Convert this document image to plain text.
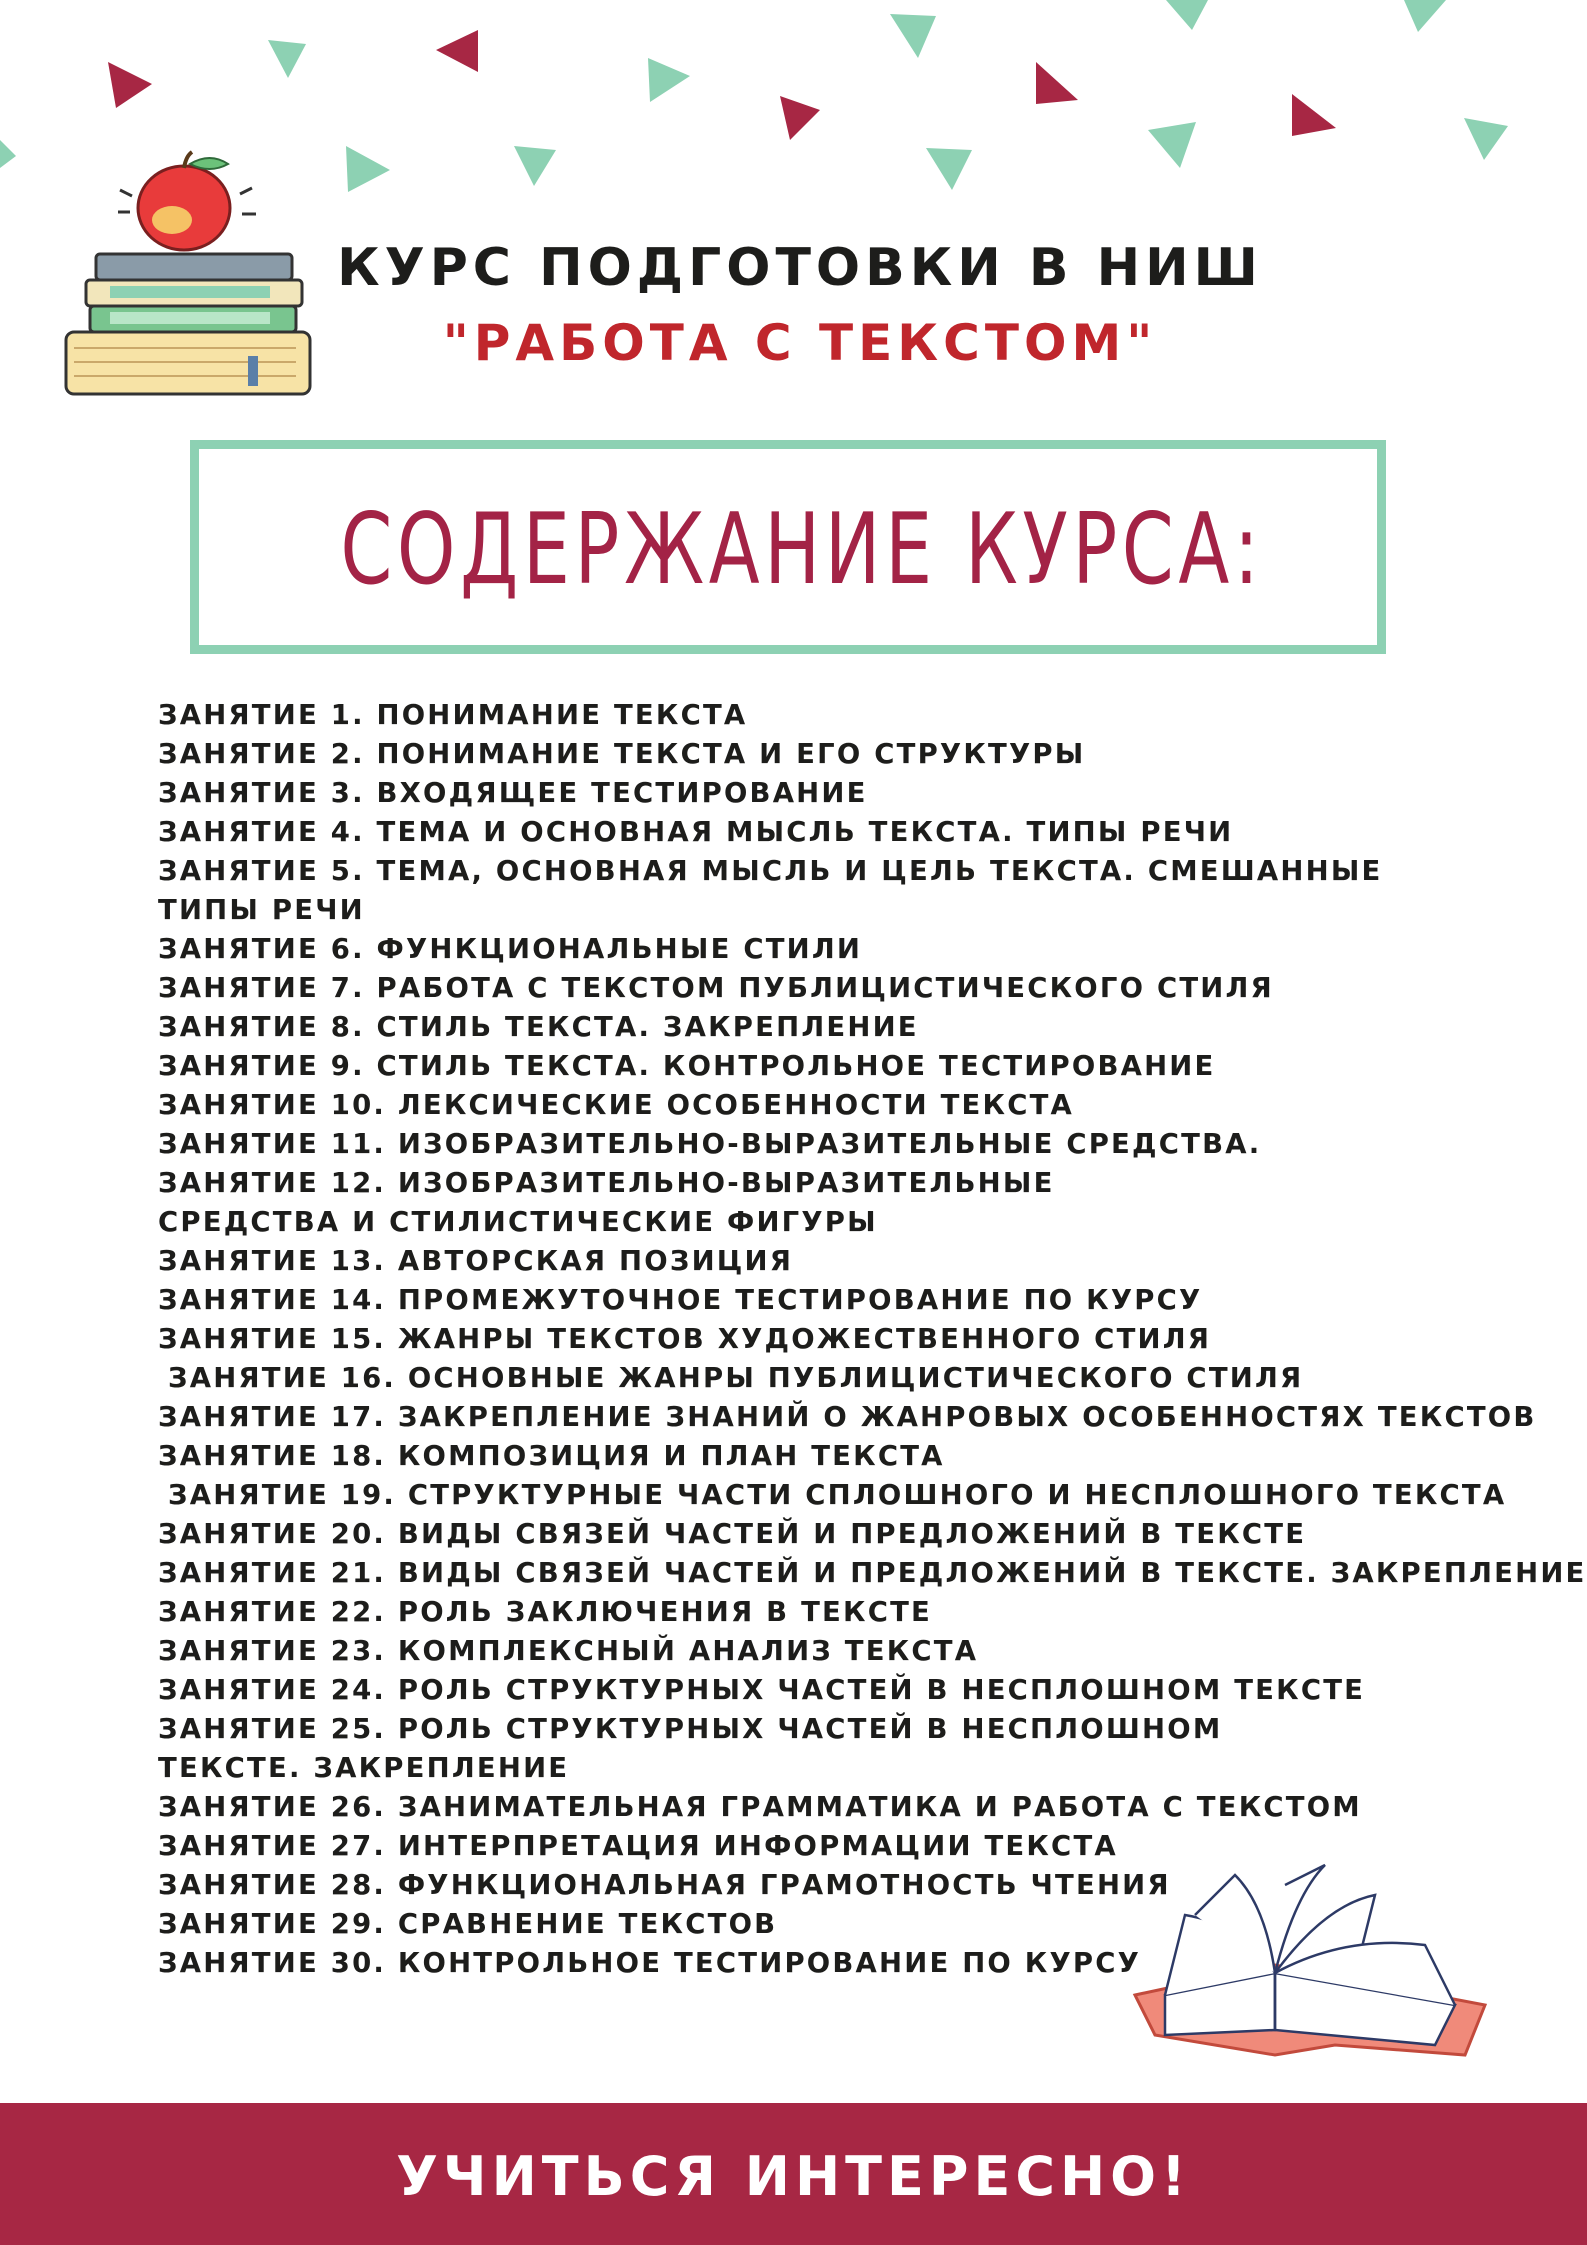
КУРС ПОДГОТОВКИ В НИШ
"РАБОТА С ТЕКСТОМ"
СОДЕРЖАНИЕ КУРСА:
ЗАНЯТИЕ 1. ПОНИМАНИЕ ТЕКСТА
ЗАНЯТИЕ 2. ПОНИМАНИЕ ТЕКСТА И ЕГО СТРУКТУРЫ
ЗАНЯТИЕ 3. ВХОДЯЩЕЕ ТЕСТИРОВАНИЕ
ЗАНЯТИЕ 4. ТЕМА И ОСНОВНАЯ МЫСЛЬ ТЕКСТА. ТИПЫ РЕЧИ
ЗАНЯТИЕ 5. ТЕМА, ОСНОВНАЯ МЫСЛЬ И ЦЕЛЬ ТЕКСТА. СМЕШАННЫЕ ТИПЫ РЕЧИ
ЗАНЯТИЕ 6. ФУНКЦИОНАЛЬНЫЕ СТИЛИ
ЗАНЯТИЕ 7. РАБОТА С ТЕКСТОМ ПУБЛИЦИСТИЧЕСКОГО СТИЛЯ
ЗАНЯТИЕ 8. СТИЛЬ ТЕКСТА. ЗАКРЕПЛЕНИЕ
ЗАНЯТИЕ 9. СТИЛЬ ТЕКСТА. КОНТРОЛЬНОЕ ТЕСТИРОВАНИЕ
ЗАНЯТИЕ 10. ЛЕКСИЧЕСКИЕ ОСОБЕННОСТИ ТЕКСТА
ЗАНЯТИЕ 11. ИЗОБРАЗИТЕЛЬНО-ВЫРАЗИТЕЛЬНЫЕ СРЕДСТВА.
ЗАНЯТИЕ 12. ИЗОБРАЗИТЕЛЬНО-ВЫРАЗИТЕЛЬНЫЕ СРЕДСТВА И СТИЛИСТИЧЕСКИЕ ФИГУРЫ
ЗАНЯТИЕ 13. АВТОРСКАЯ ПОЗИЦИЯ
ЗАНЯТИЕ 14. ПРОМЕЖУТОЧНОЕ ТЕСТИРОВАНИЕ ПО КУРСУ
ЗАНЯТИЕ 15. ЖАНРЫ ТЕКСТОВ ХУДОЖЕСТВЕННОГО СТИЛЯ
ЗАНЯТИЕ 16. ОСНОВНЫЕ ЖАНРЫ ПУБЛИЦИСТИЧЕСКОГО СТИЛЯ
ЗАНЯТИЕ 17. ЗАКРЕПЛЕНИЕ ЗНАНИЙ О ЖАНРОВЫХ ОСОБЕННОСТЯХ ТЕКСТОВ
ЗАНЯТИЕ 18. КОМПОЗИЦИЯ И ПЛАН ТЕКСТА
ЗАНЯТИЕ 19. СТРУКТУРНЫЕ ЧАСТИ СПЛОШНОГО И НЕСПЛОШНОГО ТЕКСТА
ЗАНЯТИЕ 20. ВИДЫ СВЯЗЕЙ ЧАСТЕЙ И ПРЕДЛОЖЕНИЙ В ТЕКСТЕ
ЗАНЯТИЕ 21. ВИДЫ СВЯЗЕЙ ЧАСТЕЙ И ПРЕДЛОЖЕНИЙ В ТЕКСТЕ. ЗАКРЕПЛЕНИЕ
ЗАНЯТИЕ 22. РОЛЬ ЗАКЛЮЧЕНИЯ В ТЕКСТЕ
ЗАНЯТИЕ 23. КОМПЛЕКСНЫЙ АНАЛИЗ ТЕКСТА
ЗАНЯТИЕ 24. РОЛЬ СТРУКТУРНЫХ ЧАСТЕЙ В НЕСПЛОШНОМ ТЕКСТЕ
ЗАНЯТИЕ 25. РОЛЬ СТРУКТУРНЫХ ЧАСТЕЙ В НЕСПЛОШНОМ ТЕКСТЕ. ЗАКРЕПЛЕНИЕ
ЗАНЯТИЕ 26. ЗАНИМАТЕЛЬНАЯ ГРАММАТИКА И РАБОТА С ТЕКСТОМ
ЗАНЯТИЕ 27. ИНТЕРПРЕТАЦИЯ ИНФОРМАЦИИ ТЕКСТА
ЗАНЯТИЕ 28. ФУНКЦИОНАЛЬНАЯ ГРАМОТНОСТЬ ЧТЕНИЯ
ЗАНЯТИЕ 29. СРАВНЕНИЕ ТЕКСТОВ
ЗАНЯТИЕ 30. КОНТРОЛЬНОЕ ТЕСТИРОВАНИЕ ПО КУРСУ
УЧИТЬСЯ ИНТЕРЕСНО!
